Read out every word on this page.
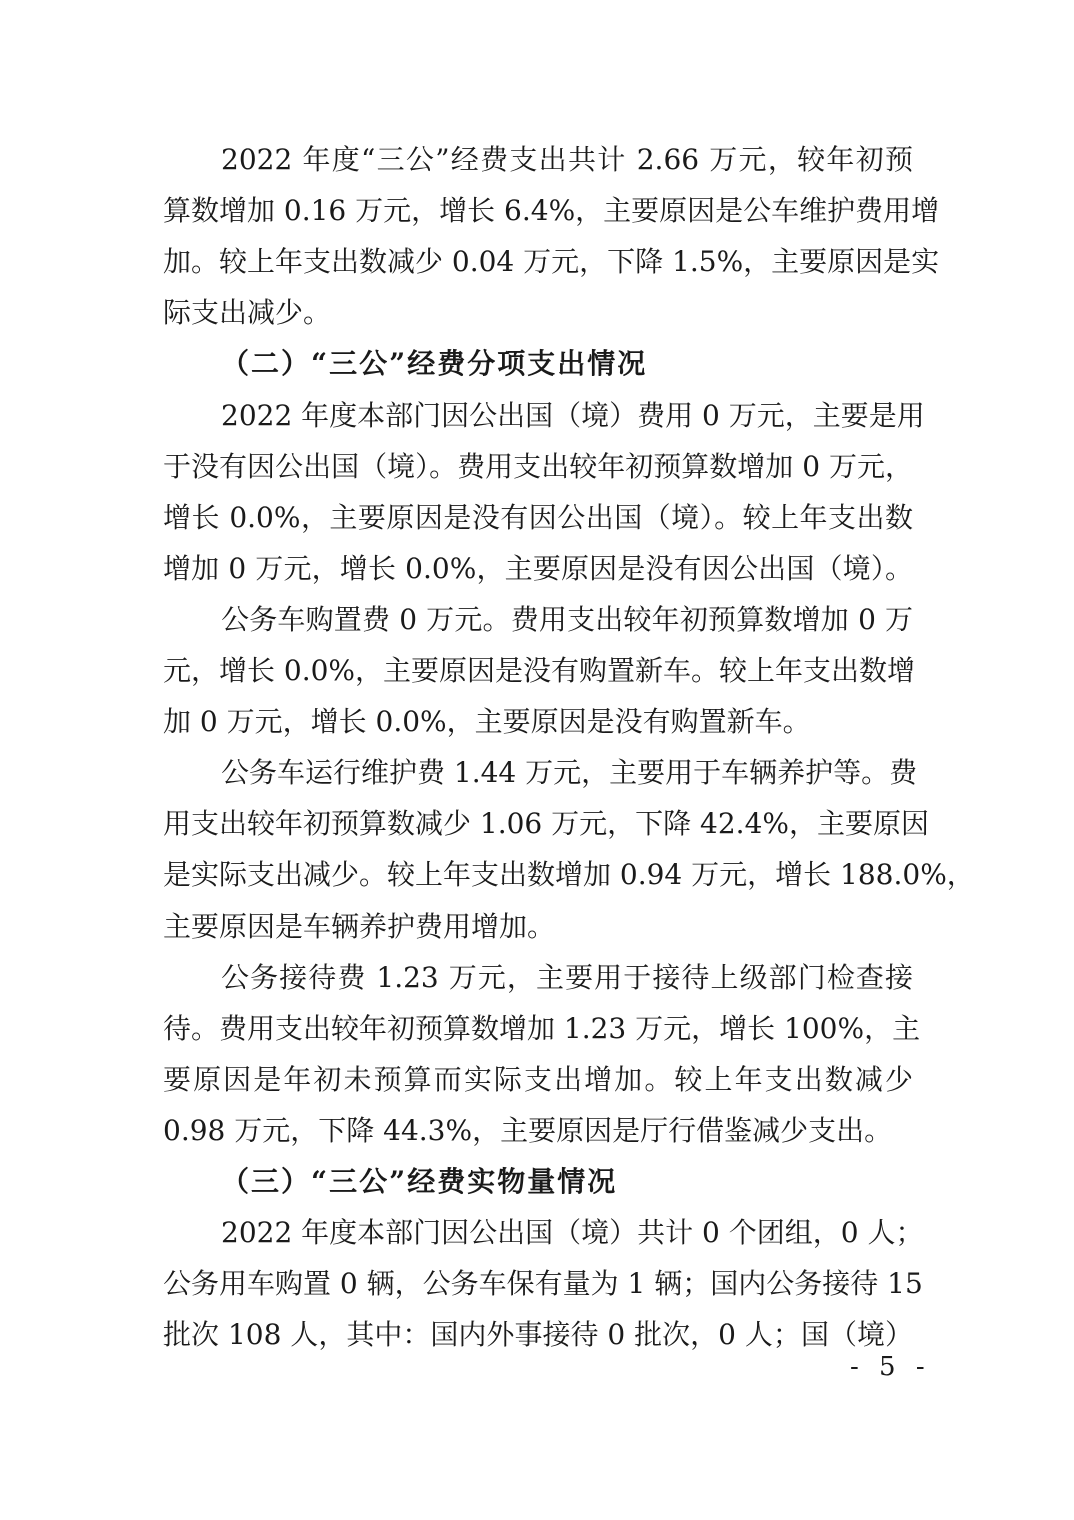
2022 年度“三公”经费支出共计 2.66 万元，较年初预
算数增加 0.16 万元，增长 6.4%，主要原因是公车维护费用增
加。较上年支出数减少 0.04 万元，下降 1.5%，主要原因是实
际支出减少。
（二）“三公”经费分项支出情况
2022 年度本部门因公出国（境）费用 0 万元，主要是用
于没有因公出国（境）。费用支出较年初预算数增加 0 万元，
增长 0.0%，主要原因是没有因公出国（境）。较上年支出数
增加 0 万元，增长 0.0%，主要原因是没有因公出国（境）。
公务车购置费 0 万元。费用支出较年初预算数增加 0 万
元，增长 0.0%，主要原因是没有购置新车。较上年支出数增
加 0 万元，增长 0.0%，主要原因是没有购置新车。
公务车运行维护费 1.44 万元，主要用于车辆养护等。费
用支出较年初预算数减少 1.06 万元，下降 42.4%，主要原因
是实际支出减少。较上年支出数增加 0.94 万元，增长 188.0%，
主要原因是车辆养护费用增加。
公务接待费 1.23 万元，主要用于接待上级部门检查接
待。费用支出较年初预算数增加 1.23 万元，增长 100%，主
要原因是年初未预算而实际支出增加。较上年支出数减少
0.98 万元，下降 44.3%，主要原因是厅行借鉴减少支出。
（三）“三公”经费实物量情况
2022 年度本部门因公出国（境）共计 0 个团组，0 人；
公务用车购置 0 辆，公务车保有量为 1 辆；国内公务接待 15
批次 108 人，其中：国内外事接待 0 批次，0 人；国（境）
- 5 -
